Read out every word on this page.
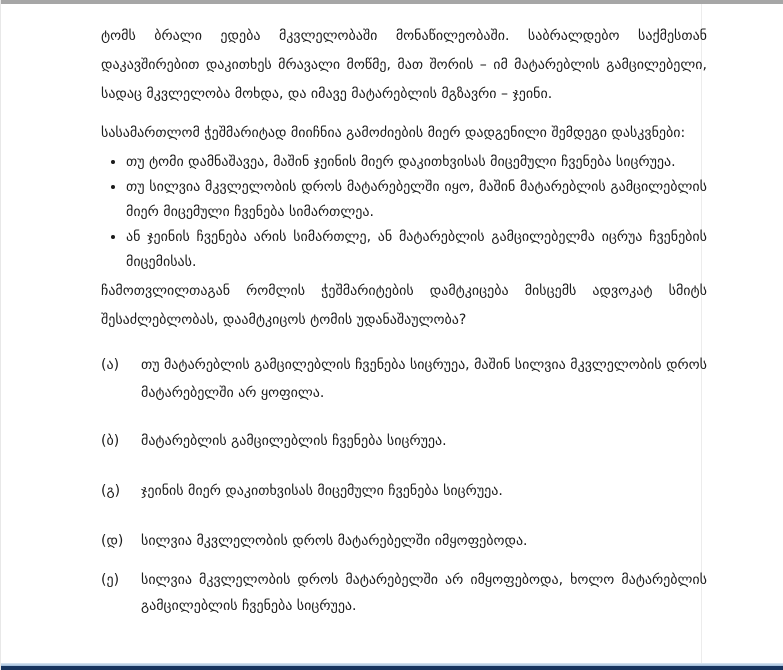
ტომს ბრალი ედება მკვლელობაში მონაწილეობაში. საბრალდებო საქმესთან დაკავშირებით დაკითხეს მრავალი მოწმე, მათ შორის – იმ მატარებლის გამცილებელი, სადაც მკვლელობა მოხდა, და იმავე მატარებლის მგზავრი – ჯეინი.

სასამართლომ ჭეშმარიტად მიიჩნია გამოძიების მიერ დადგენილი შემდეგი დასკვნები:

• თუ ტომი დამნაშავეა, მაშინ ჯეინის მიერ დაკითხვისას მიცემული ჩვენება სიცრუეა.
• თუ სილვია მკვლელობის დროს მატარებელში იყო, მაშინ მატარებლის გამცილებლის მიერ მიცემული ჩვენება სიმართლეა.
• ან ჯეინის ჩვენება არის სიმართლე, ან მატარებლის გამცილებელმა იცრუა ჩვენების მიცემისას.

ჩამოთვლილთაგან რომლის ჭეშმარიტების დამტკიცება მისცემს ადვოკატ სმიტს შესაძლებლობას, დაამტკიცოს ტომის უდანაშაულობა?

(ა)	თუ მატარებლის გამცილებლის ჩვენება სიცრუეა, მაშინ სილვია მკვლელობის დროს მატარებელში არ ყოფილა.
(ბ)	მატარებლის გამცილებლის ჩვენება სიცრუეა.
(გ)	ჯეინის მიერ დაკითხვისას მიცემული ჩვენება სიცრუეა.
(დ)	სილვია მკვლელობის დროს მატარებელში იმყოფებოდა.
(ე)	სილვია მკვლელობის დროს მატარებელში არ იმყოფებოდა, ხოლო მატარებლის გამცილებლის ჩვენება სიცრუეა.
